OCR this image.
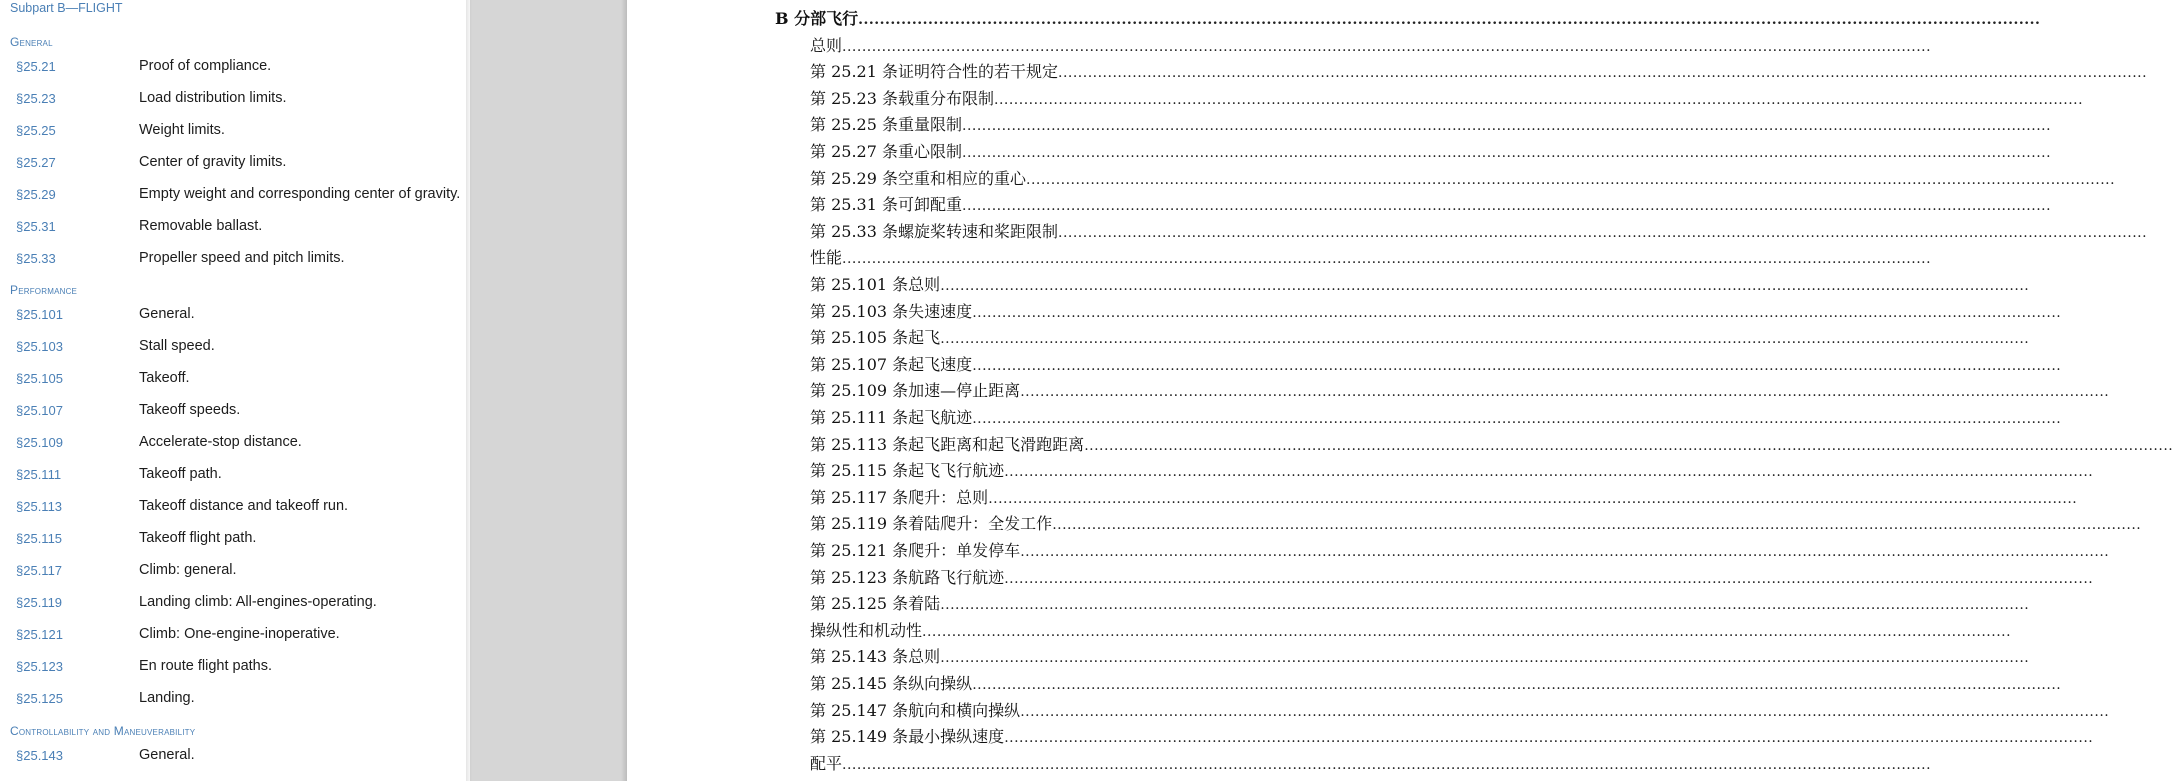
Subpart B—FLIGHT
General
§25.21	Proof of compliance.
§25.23	Load distribution limits.
§25.25	Weight limits.
§25.27	Center of gravity limits.
§25.29	Empty weight and corresponding center of gravity.
§25.31	Removable ballast.
§25.33	Propeller speed and pitch limits.
Performance
§25.101	General.
§25.103	Stall speed.
§25.105	Takeoff.
§25.107	Takeoff speeds.
§25.109	Accelerate-stop distance.
§25.111	Takeoff path.
§25.113	Takeoff distance and takeoff run.
§25.115	Takeoff flight path.
§25.117	Climb: general.
§25.119	Landing climb: All-engines-operating.
§25.121	Climb: One-engine-inoperative.
§25.123	En route flight paths.
§25.125	Landing.
Controllability and Maneuverability
§25.143	General.
B 分部 飞行 ............................................................................................................................................................................................................................
总则 ............................................................................................................................................................................................................................
第 25.21 条 证明符合性的若干规定 ............................................................................................................................................................................................................................
第 25.23 条 载重分布限制 ............................................................................................................................................................................................................................
第 25.25 条 重量限制 ............................................................................................................................................................................................................................
第 25.27 条 重心限制 ............................................................................................................................................................................................................................
第 25.29 条 空重和相应的重心 ............................................................................................................................................................................................................................
第 25.31 条 可卸配重 ............................................................................................................................................................................................................................
第 25.33 条 螺旋桨转速和桨距限制 ............................................................................................................................................................................................................................
性能 ............................................................................................................................................................................................................................
第 25.101 条 总则 ............................................................................................................................................................................................................................
第 25.103 条 失速速度 ............................................................................................................................................................................................................................
第 25.105 条 起飞 ............................................................................................................................................................................................................................
第 25.107 条 起飞速度 ............................................................................................................................................................................................................................
第 25.109 条 加速—停止距离 ............................................................................................................................................................................................................................
第 25.111 条 起飞航迹 ............................................................................................................................................................................................................................
第 25.113 条 起飞距离和起飞滑跑距离 ............................................................................................................................................................................................................................
第 25.115 条 起飞飞行航迹 ............................................................................................................................................................................................................................
第 25.117 条 爬升：总则 ............................................................................................................................................................................................................................
第 25.119 条 着陆爬升：全发工作 ............................................................................................................................................................................................................................
第 25.121 条 爬升：单发停车 ............................................................................................................................................................................................................................
第 25.123 条 航路飞行航迹 ............................................................................................................................................................................................................................
第 25.125 条 着陆 ............................................................................................................................................................................................................................
操纵性和机动性 ............................................................................................................................................................................................................................
第 25.143 条 总则 ............................................................................................................................................................................................................................
第 25.145 条 纵向操纵 ............................................................................................................................................................................................................................
第 25.147 条 航向和横向操纵 ............................................................................................................................................................................................................................
第 25.149 条 最小操纵速度 ............................................................................................................................................................................................................................
配平 ............................................................................................................................................................................................................................
